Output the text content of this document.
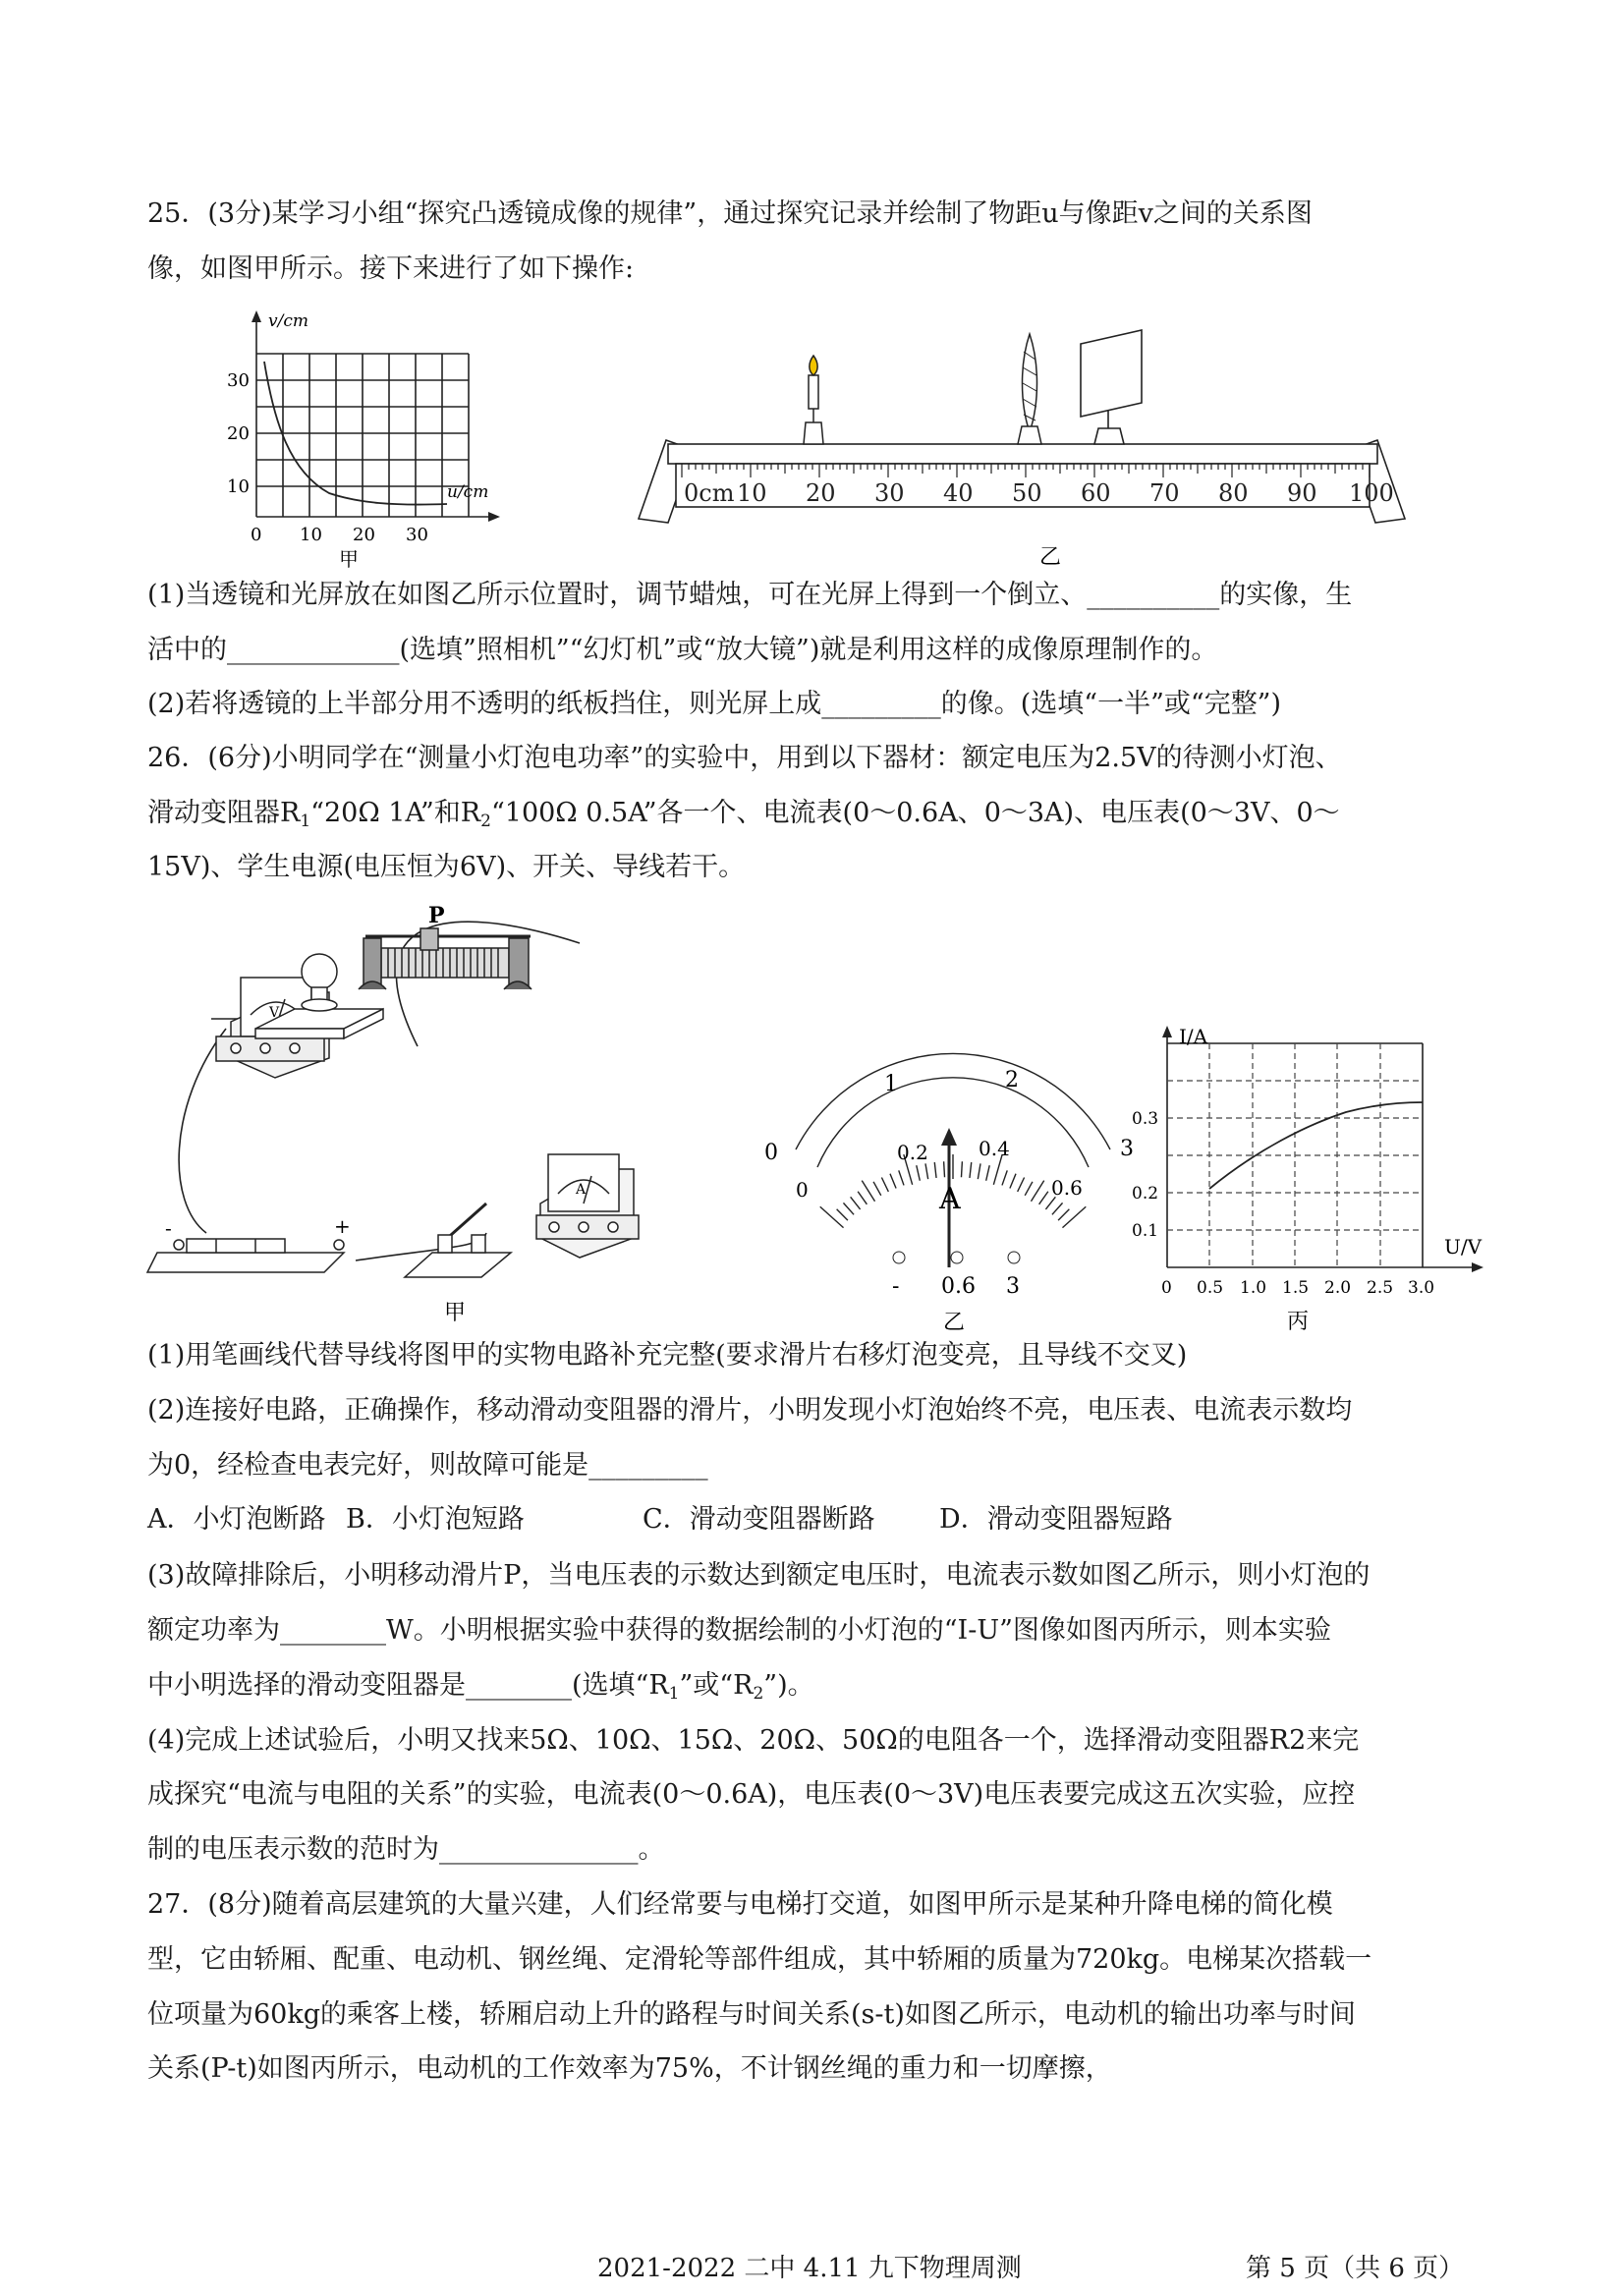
25．(3分)某学习小组“探究凸透镜成像的规律”，通过探究记录并绘制了物距u与像距v之间的关系图
像，如图甲所示。接下来进行了如下操作:
v/cm
u/cm
10
20
30
0 10 20 30
甲
0cm 10 20 30 40 50 60 70 80 90 100
乙
(1)当透镜和光屏放在如图乙所示位置时，调节蜡烛，可在光屏上得到一个倒立、__________的实像，生
活中的_____________(选填”照相机”“幻灯机”或“放大镜”)就是利用这样的成像原理制作的。
(2)若将透镜的上半部分用不透明的纸板挡住，则光屏上成_________的像。(选填“一半”或“完整”)
26．(6分)小明同学在“测量小灯泡电功率”的实验中，用到以下器材：额定电压为2.5V的待测小灯泡、
滑动变阻器$R_1“20\Omega$ 1A”和$R_2“100\Omega$ 0.5A”各一个、电流表(0～0.6A、0～3A)、电压表(0～3V、0～
15V)、学生电源(电压恒为6V)、开关、导线若干。
V
P
-	+
A
甲
0
1	2
3
0
0.2	0.4
0.6
A
- 0.6 3
乙
I/A
U/V
0.1
0.2
0.3
0 0.5 1.0 1.5 2.0 2.5 3.0
丙
(1)用笔画线代替导线将图甲的实物电路补充完整(要求滑片右移灯泡变亮，且导线不交叉)
(2)连接好电路，正确操作，移动滑动变阻器的滑片，小明发现小灯泡始终不亮，电压表、电流表示数均
为0，经检查电表完好，则故障可能是_________
A．小灯泡断路 B．小灯泡短路	C．滑动变阻器断路 D．滑动变阻器短路
(3)故障排除后，小明移动滑片P，当电压表的示数达到额定电压时，电流表示数如图乙所示，则小灯泡的
额定功率为________W。小明根据实验中获得的数据绘制的小灯泡的“I-U”图像如图丙所示，则本实验
中小明选择的滑动变阻器是________(选填“$R_1$”或“$R_2$”)。
(4)完成上述试验后，小明又找来5Ω、10Ω、15Ω、20Ω、50Ω的电阻各一个，选择滑动变阻器R2来完
成探究“电流与电阻的关系”的实验，电流表(0～0.6A)，电压表(0～3V)电压表要完成这五次实验，应控
制的电压表示数的范时为_______________。
27．(8分)随着高层建筑的大量兴建，人们经常要与电梯打交道，如图甲所示是某种升降电梯的简化模
型，它由轿厢、配重、电动机、钢丝绳、定滑轮等部件组成，其中轿厢的质量为720kg。电梯某次搭载一
位项量为60kg的乘客上楼，轿厢启动上升的路程与时间关系(s-t)如图乙所示，电动机的输出功率与时间
关系(P-t)如图丙所示，电动机的工作效率为75%，不计钢丝绳的重力和一切摩擦，
2021-2022 二中 4.11 九下物理周测	第 5 页（共 6 页）
